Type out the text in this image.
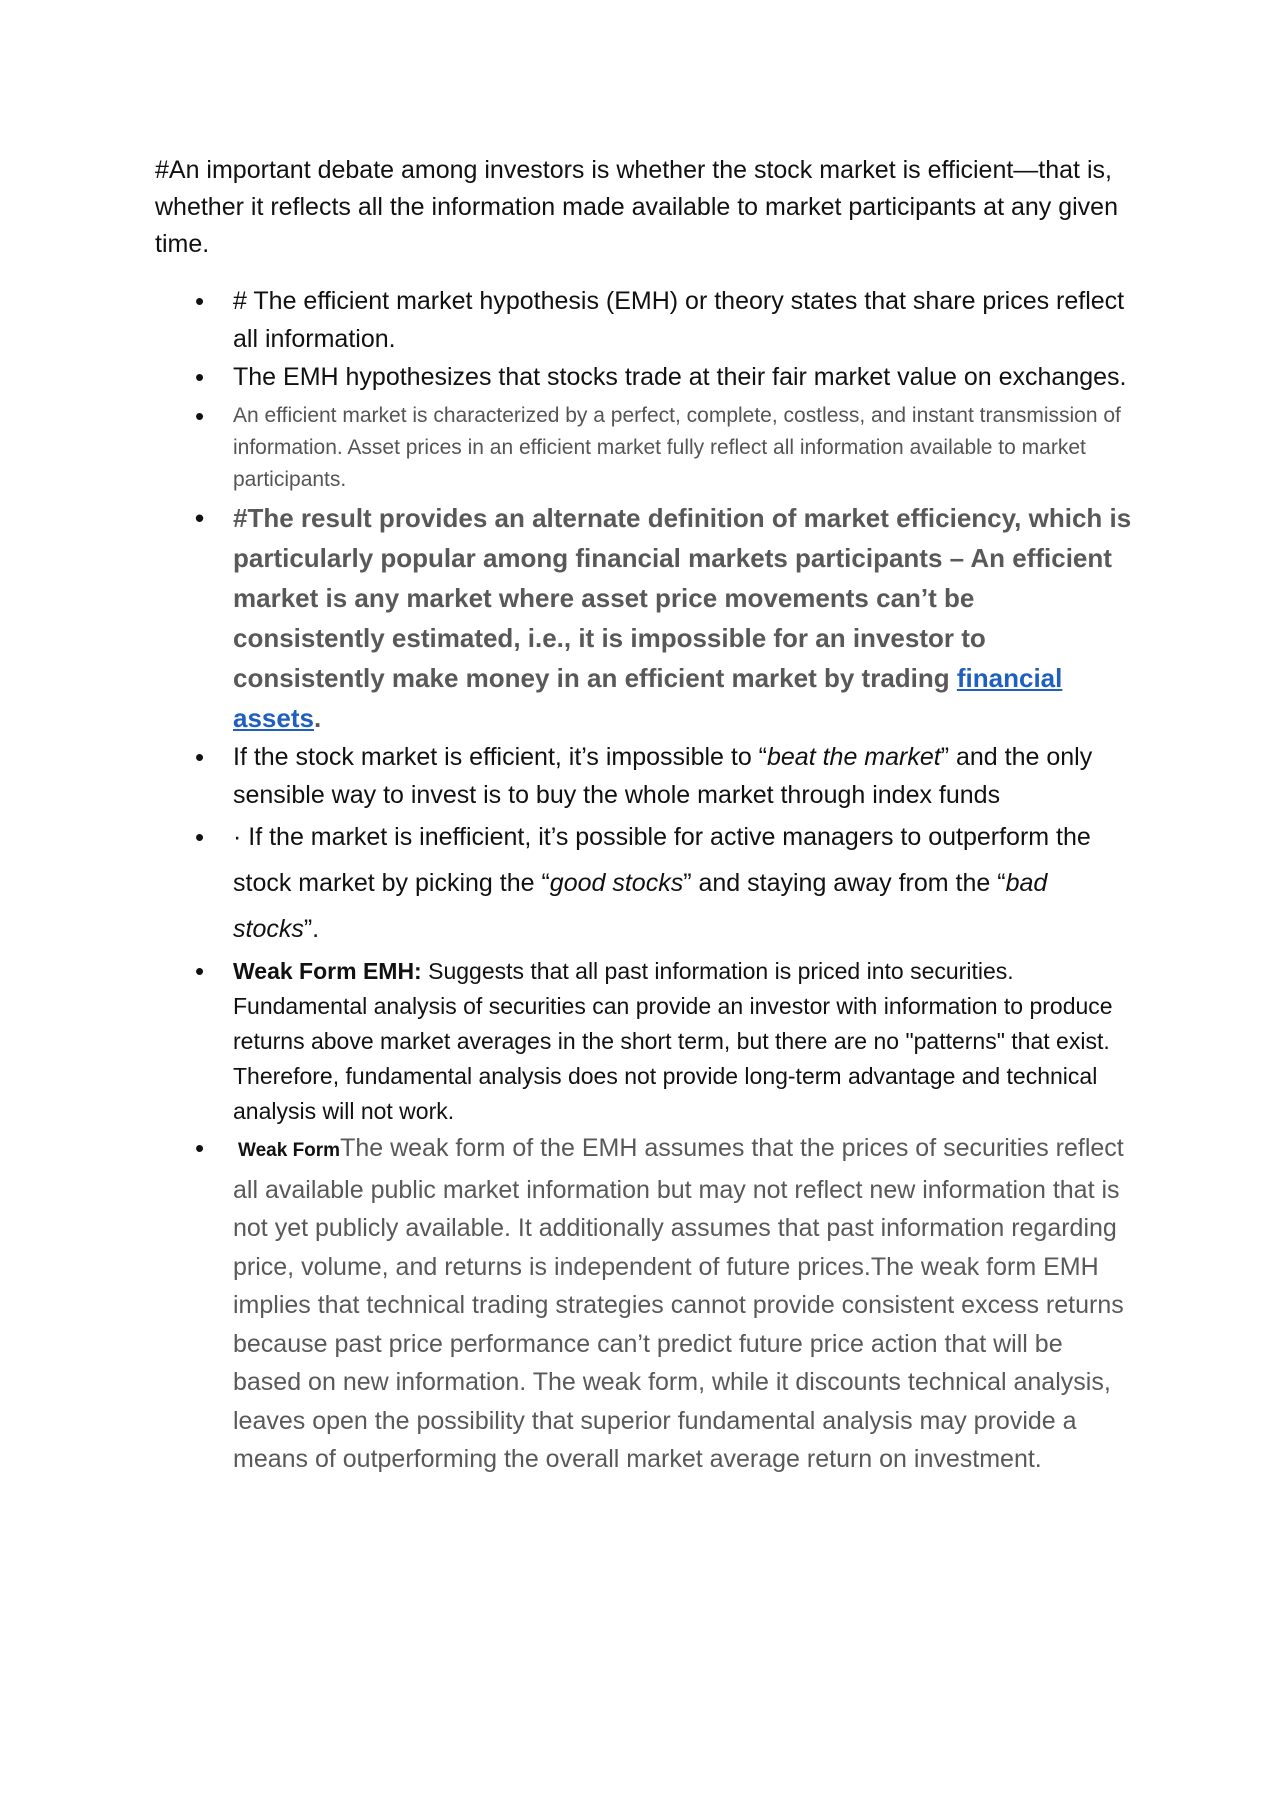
#An important debate among investors is whether the stock market is efficient—that is, whether it reflects all the information made available to market participants at any given time.

• # The efficient market hypothesis (EMH) or theory states that share prices reflect all information.
• The EMH hypothesizes that stocks trade at their fair market value on exchanges.
• An efficient market is characterized by a perfect, complete, costless, and instant transmission of information. Asset prices in an efficient market fully reflect all information available to market participants.
• #The result provides an alternate definition of market efficiency, which is particularly popular among financial markets participants – An efficient market is any market where asset price movements can’t be consistently estimated, i.e., it is impossible for an investor to consistently make money in an efficient market by trading financial assets.
• If the stock market is efficient, it’s impossible to “beat the market” and the only sensible way to invest is to buy the whole market through index funds
• · If the market is inefficient, it’s possible for active managers to outperform the stock market by picking the “good stocks” and staying away from the “bad stocks”.
• Weak Form EMH: Suggests that all past information is priced into securities. Fundamental analysis of securities can provide an investor with information to produce returns above market averages in the short term, but there are no "patterns" that exist. Therefore, fundamental analysis does not provide long-term advantage and technical analysis will not work.
• Weak FormThe weak form of the EMH assumes that the prices of securities reflect all available public market information but may not reflect new information that is not yet publicly available. It additionally assumes that past information regarding price, volume, and returns is independent of future prices.The weak form EMH implies that technical trading strategies cannot provide consistent excess returns because past price performance can’t predict future price action that will be based on new information. The weak form, while it discounts technical analysis, leaves open the possibility that superior fundamental analysis may provide a means of outperforming the overall market average return on investment.
